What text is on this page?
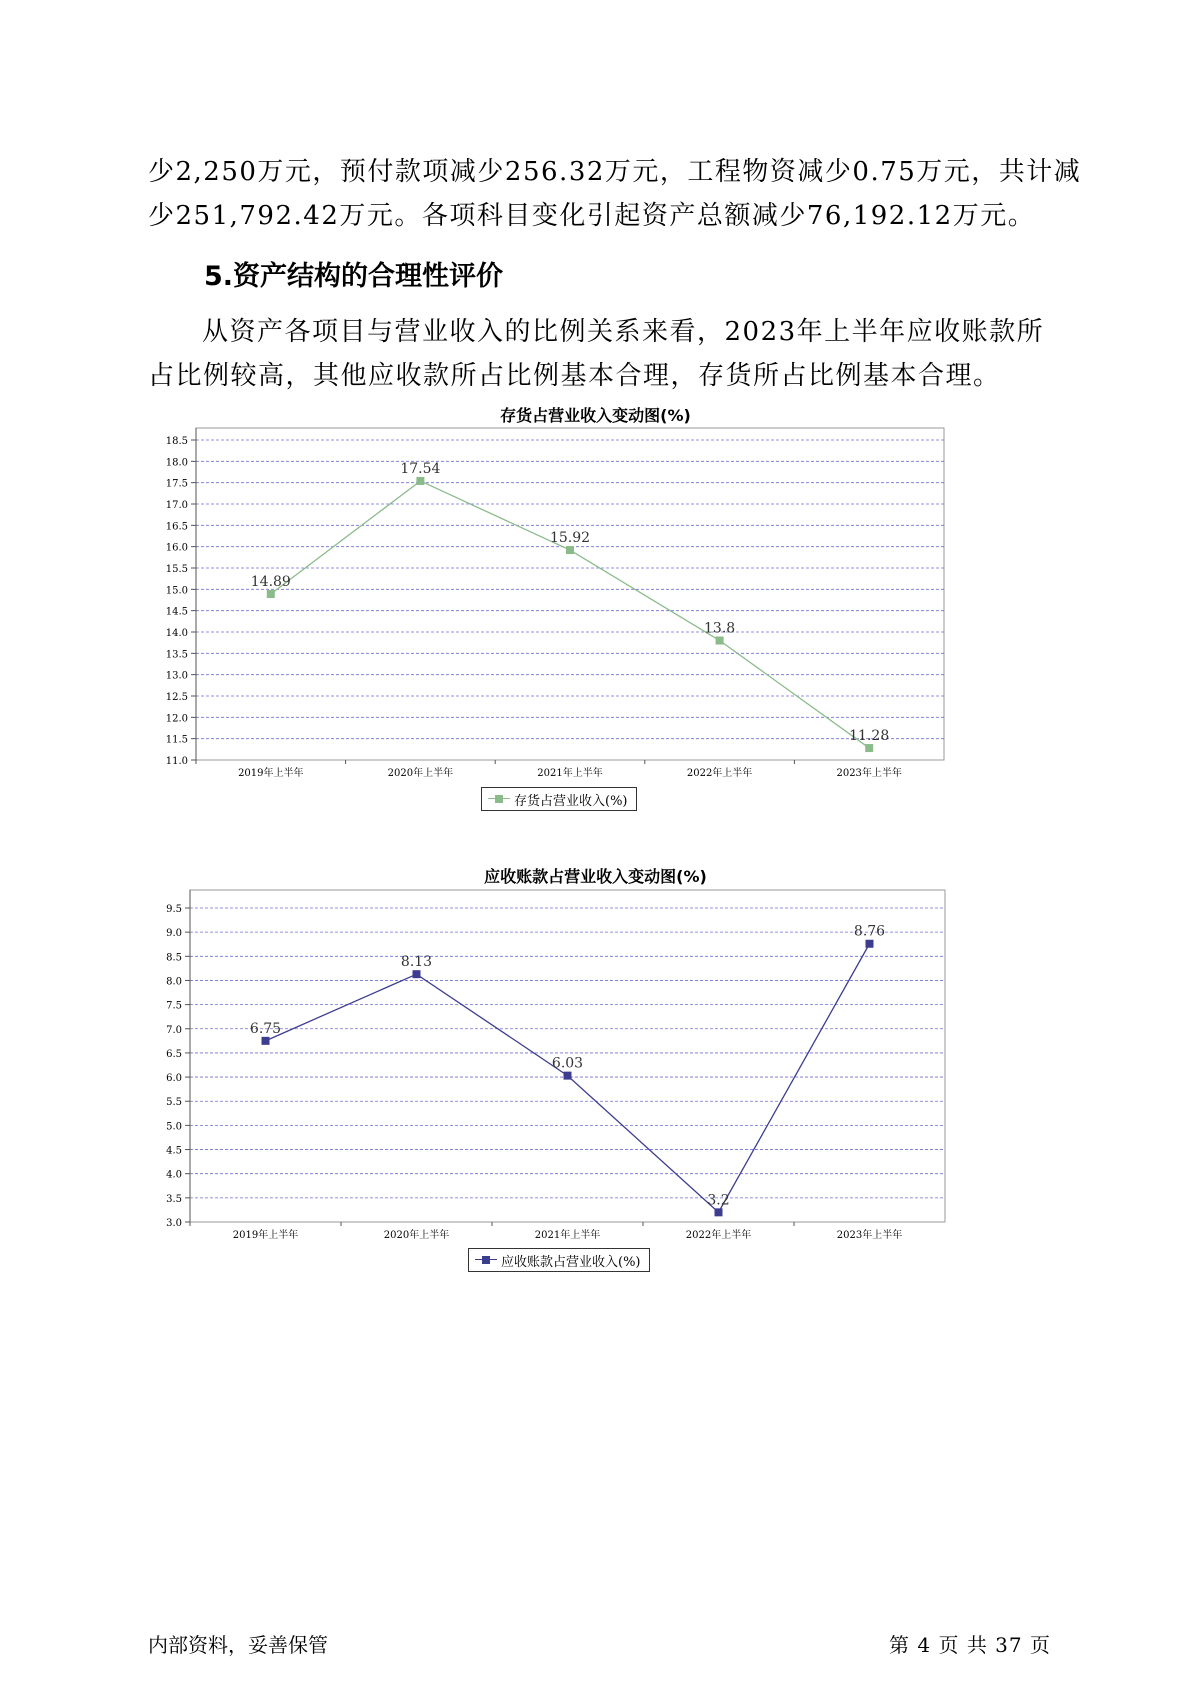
少2,250万元，预付款项减少256.32万元，工程物资减少0.75万元，共计减
少251,792.42万元。各项科目变化引起资产总额减少76,192.12万元。
5.资产结构的合理性评价
从资产各项目与营业收入的比例关系来看，2023年上半年应收账款所
占比例较高，其他应收款所占比例基本合理，存货所占比例基本合理。
存货占营业收入变动图(%)
11.0
11.5
12.0
12.5
13.0
13.5
14.0
14.5
15.0
15.5
16.0
16.5
17.0
17.5
18.0
18.5
2019年上半年	2020年上半年	2021年上半年	2022年上半年	2023年上半年
14.89
17.54
15.92
13.8
11.28
存货占营业收入(%)
应收账款占营业收入变动图(%)
3.0
3.5
4.0
4.5
5.0
5.5
6.0
6.5
7.0
7.5
8.0
8.5
9.0
9.5
2019年上半年	2020年上半年	2021年上半年	2022年上半年	2023年上半年
6.75
8.13
6.03
3.2
8.76
应收账款占营业收入(%)
内部资料，妥善保管	第 4 页 共 37 页
